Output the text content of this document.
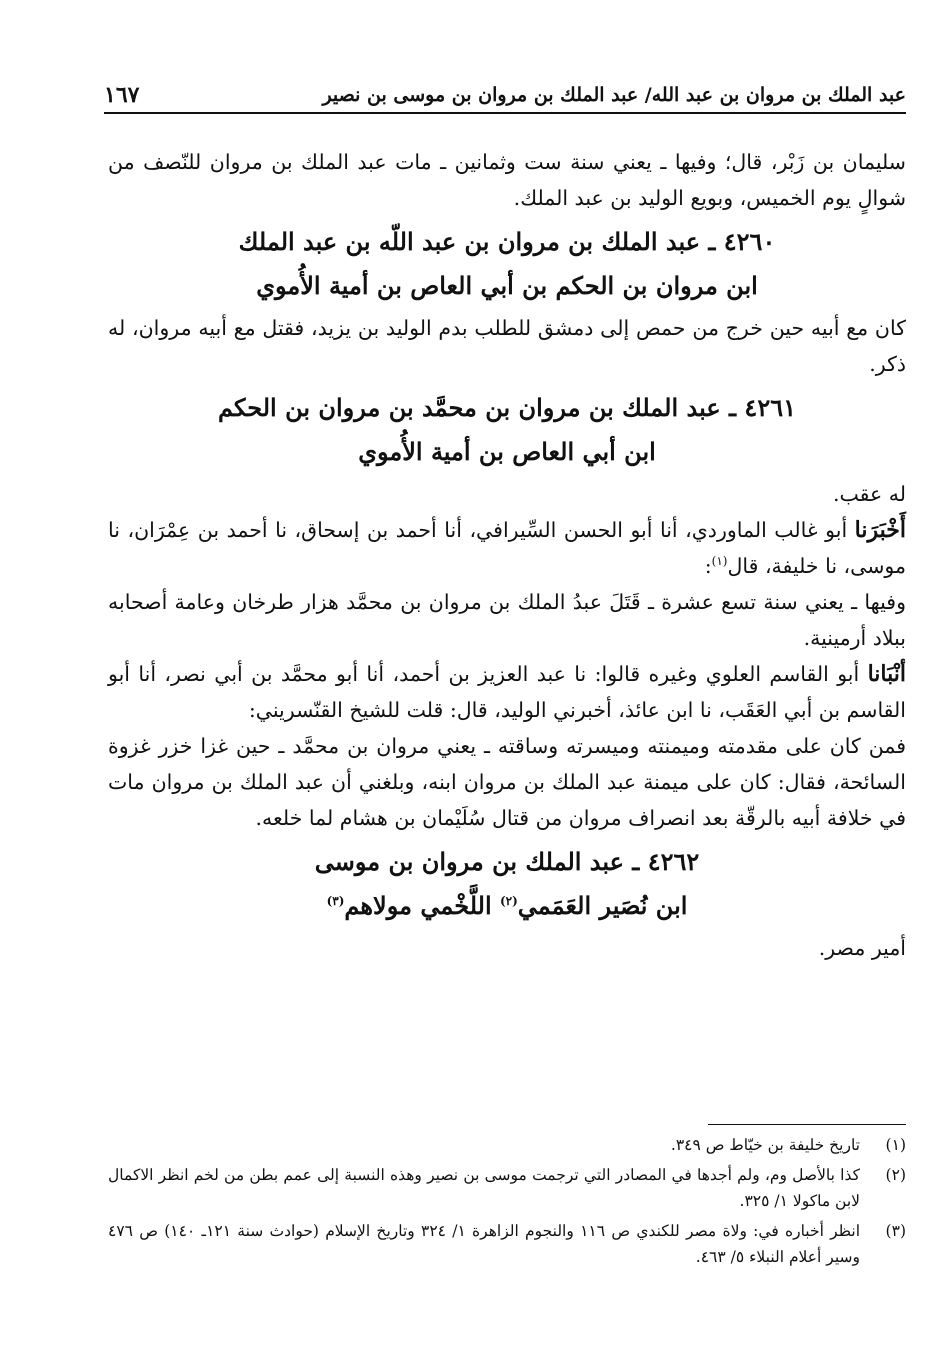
عبد الملك بن مروان بن عبد الله/ عبد الملك بن مروان بن موسى بن نصير
١٦٧

سليمان بن زَبْر، قال؛ وفيها ـ يعني سنة ست وثمانين ـ مات عبد الملك بن مروان للنّصف من شوالٍ يوم الخميس، وبويع الوليد بن عبد الملك.

٤٢٦٠ ـ عبد الملك بن مروان بن عبد اللّه بن عبد الملك
ابن مروان بن الحكم بن أبي العاص بن أمية الأُموي

كان مع أبيه حين خرج من حمص إلى دمشق للطلب بدم الوليد بن يزيد، فقتل مع أبيه مروان، له ذكر.

٤٢٦١ ـ عبد الملك بن مروان بن محمَّد بن مروان بن الحكم
ابن أبي العاص بن أمية الأُموي

له عقب.

أَخْبَرَنا أبو غالب الماوردي، أنا أبو الحسن السِّيرافي، أنا أحمد بن إسحاق، نا أحمد بن عِمْرَان، نا موسى، نا خليفة، قال$^{(١)}$:

وفيها ـ يعني سنة تسع عشرة ـ قَتَلَ عبدُ الملك بن مروان بن محمَّد هزار طرخان وعامة أصحابه ببلاد أرمينية.

أنْبَانا أبو القاسم العلوي وغيره قالوا: نا عبد العزيز بن أحمد، أنا أبو محمَّد بن أبي نصر، أنا أبو القاسم بن أبي العَقَب، نا ابن عائذ، أخبرني الوليد، قال: قلت للشيخ القنّسريني:

فمن كان على مقدمته وميمنته وميسرته وساقته ـ يعني مروان بن محمَّد ـ حين غزا خزر غزوة السائحة، فقال: كان على ميمنة عبد الملك بن مروان ابنه، وبلغني أن عبد الملك بن مروان مات في خلافة أبيه بالرقّة بعد انصراف مروان من قتال سُلَيْمان بن هشام لما خلعه.

٤٢٦٢ ـ عبد الملك بن مروان بن موسى
ابن نُصَير العَمَمي$^{(٢)}$ اللَّخْمي مولاهم$^{(٣)}$

أمير مصر.

(١)
تاريخ خليفة بن خيّاط ص ٣٤٩.
(٢)
كذا بالأصل وم، ولم أجدها في المصادر التي ترجمت موسى بن نصير وهذه النسبة إلى عمم بطن من لخم انظر الاكمال لابن ماكولا ١/ ٣٢٥.
(٣)
انظر أخباره في: ولاة مصر للكندي ص ١١٦ والنجوم الزاهرة ١/ ٣٢٤ وتاريخ الإسلام (حوادث سنة ١٢١ـ ١٤٠) ص ٤٧٦ وسير أعلام النبلاء ٥/ ٤٦٣.
